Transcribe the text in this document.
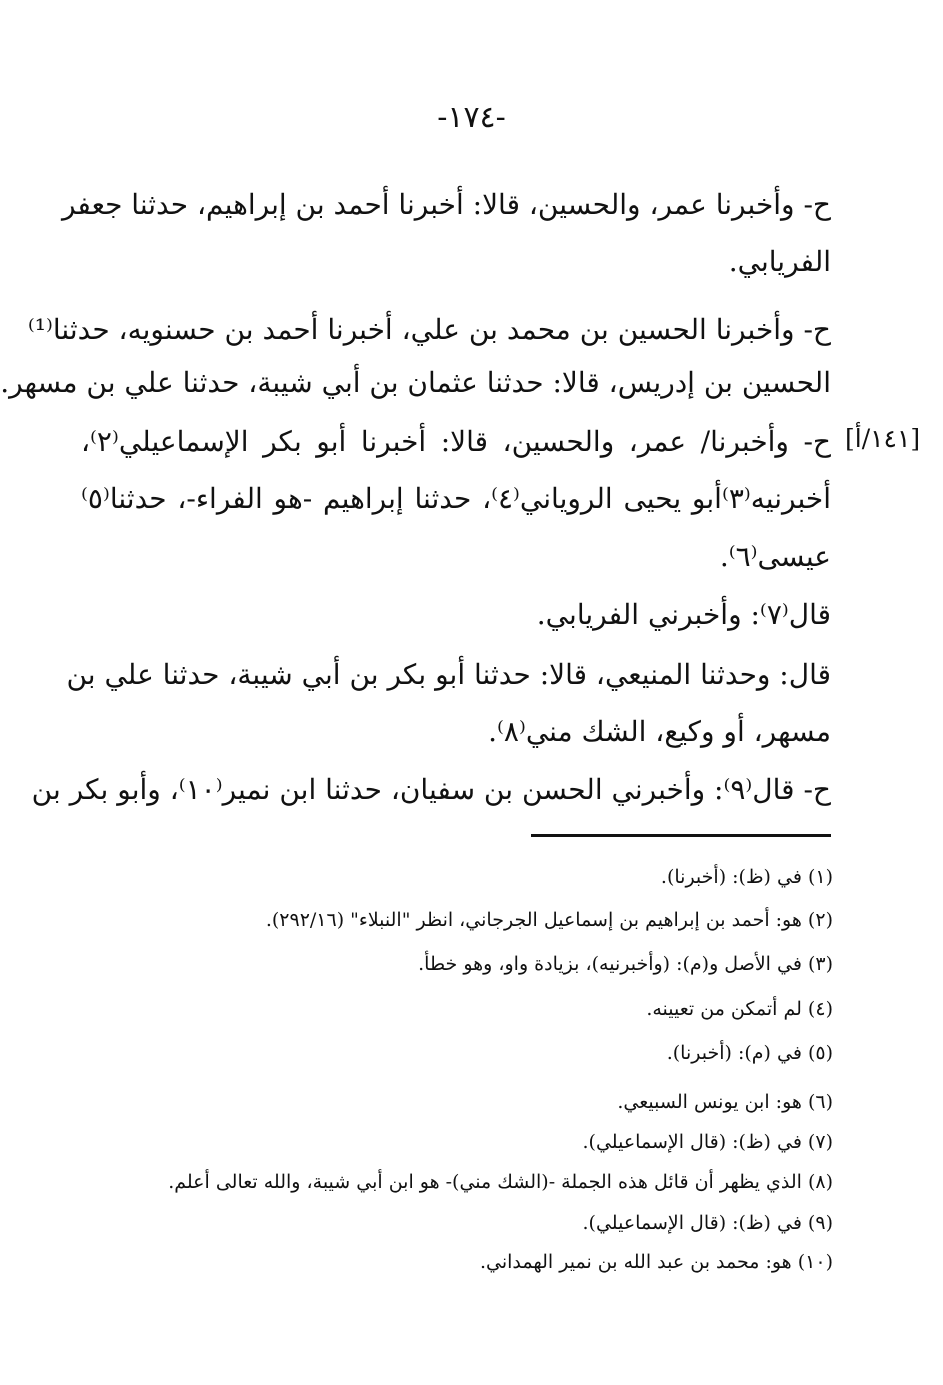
-١٧٤-
ح- وأخبرنا عمر، والحسين، قالا: أخبرنا أحمد بن إبراهيم، حدثنا جعفر
الفريابي.
ح- وأخبرنا الحسين بن محمد بن علي، أخبرنا أحمد بن حسنويه، حدثنا⁽¹⁾
الحسين بن إدريس، قالا: حدثنا عثمان بن أبي شيبة، حدثنا علي بن مسهر.
[١٤١/أ]
ح- وأخبرنا/ عمر، والحسين، قالا: أخبرنا أبو بكر الإسماعيلي⁽٢⁾،
أخبرنيه⁽٣⁾أبو يحيى الروياني⁽٤⁾، حدثنا إبراهيم -هو الفراء-، حدثنا⁽٥⁾
عيسى⁽٦⁾.
قال⁽٧⁾: وأخبرني الفريابي.
قال: وحدثنا المنيعي، قالا: حدثنا أبو بكر بن أبي شيبة، حدثنا علي بن
مسهر، أو وكيع، الشك مني⁽٨⁾.
ح- قال⁽٩⁾: وأخبرني الحسن بن سفيان، حدثنا ابن نمير⁽١٠⁾، وأبو بكر بن
(١) في (ظ): (أخبرنا).
(٢) هو: أحمد بن إبراهيم بن إسماعيل الجرجاني، انظر "النبلاء" (٢٩٢/١٦).
(٣) في الأصل و(م): (وأخبرنيه)، بزيادة واو، وهو خطأ.
(٤) لم أتمكن من تعيينه.
(٥) في (م): (أخبرنا).
(٦) هو: ابن يونس السبيعي.
(٧) في (ظ): (قال الإسماعيلي).
(٨) الذي يظهر أن قائل هذه الجملة -(الشك مني)- هو ابن أبي شيبة، والله تعالى أعلم.
(٩) في (ظ): (قال الإسماعيلي).
(١٠) هو: محمد بن عبد الله بن نمير الهمداني.
